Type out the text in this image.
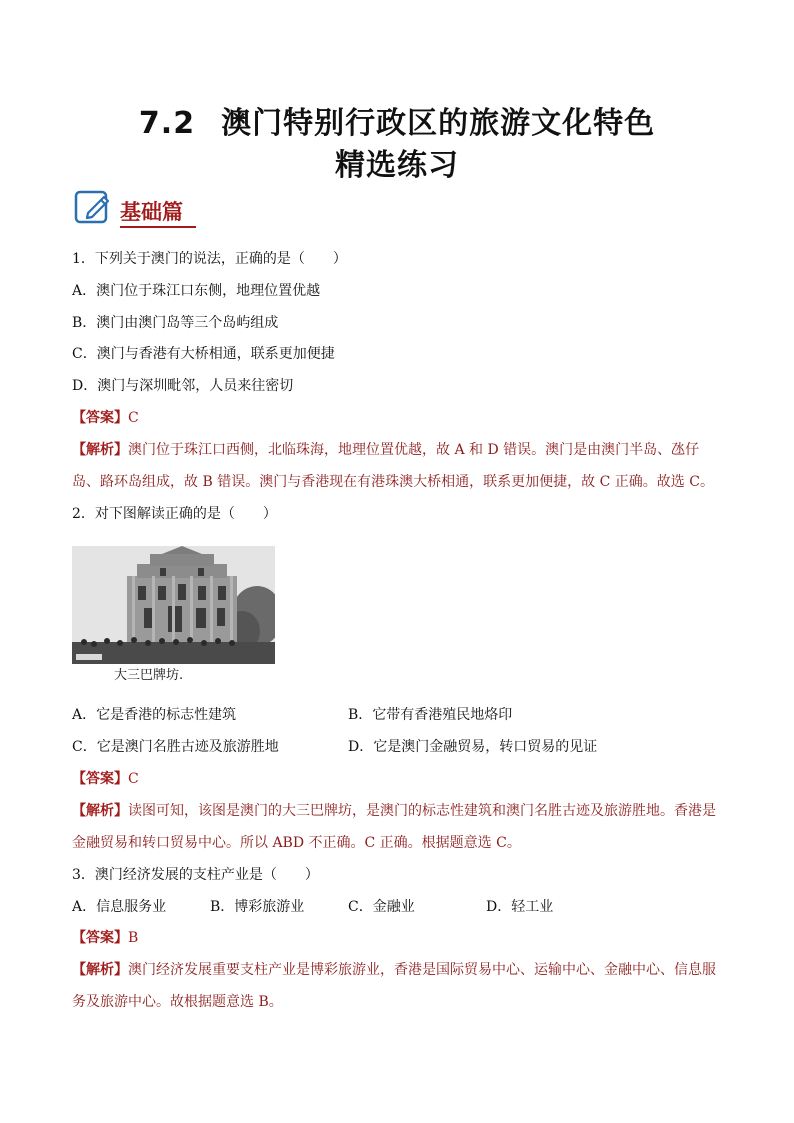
7.2 澳门特别行政区的旅游文化特色
精选练习
基础篇
1．下列关于澳门的说法，正确的是（　　）
A．澳门位于珠江口东侧，地理位置优越
B．澳门由澳门岛等三个岛屿组成
C．澳门与香港有大桥相通，联系更加便捷
D．澳门与深圳毗邻，人员来往密切
【答案】C
【解析】澳门位于珠江口西侧，北临珠海，地理位置优越，故 A 和 D 错误。澳门是由澳门半岛、氹仔
岛、路环岛组成，故 B 错误。澳门与香港现在有港珠澳大桥相通，联系更加便捷，故 C 正确。故选 C。
2．对下图解读正确的是（　　）
大三巴牌坊.
A．它是香港的标志性建筑	B．它带有香港殖民地烙印
C．它是澳门名胜古迹及旅游胜地	D．它是澳门金融贸易，转口贸易的见证
【答案】C
【解析】读图可知，该图是澳门的大三巴牌坊，是澳门的标志性建筑和澳门名胜古迹及旅游胜地。香港是
金融贸易和转口贸易中心。所以 ABD 不正确。C 正确。根据题意选 C。
3．澳门经济发展的支柱产业是（　　）
A．信息服务业	B．博彩旅游业	C．金融业	D．轻工业
【答案】B
【解析】澳门经济发展重要支柱产业是博彩旅游业，香港是国际贸易中心、运输中心、金融中心、信息服
务及旅游中心。故根据题意选 B。
